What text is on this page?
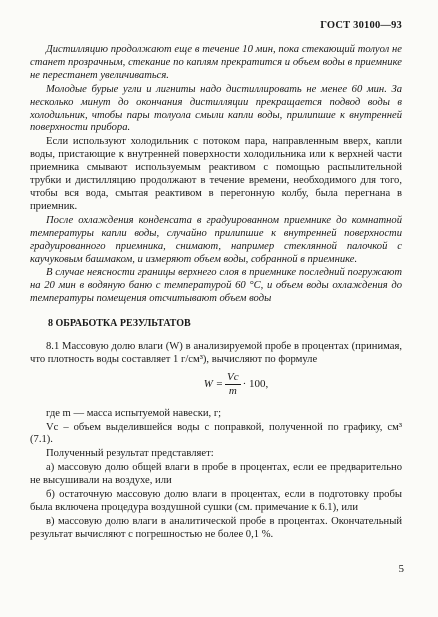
ГОСТ 30100—93

Дистилляцию продолжают еще в течение 10 мин, пока стекающий толуол не станет прозрачным, стекание по каплям прекратится и объем воды в приемнике не перестанет увеличиваться.

Молодые бурые угли и лигниты надо дистиллировать не менее 60 мин. За несколько минут до окончания дистилляции прекращается подвод воды в холодильник, чтобы пары толуола смыли капли воды, прилипшие к внутренней поверхности прибора.

Если используют холодильник с потоком пара, направленным вверх, капли воды, пристающие к внутренней поверхности холодильника или к верхней части приемника смывают используемым реактивом с помощью распылительной трубки и дистилляцию продолжают в течение времени, необходимого для того, чтобы вся вода, смытая реактивом в перегонную колбу, была перегнана в приемник.

После охлаждения конденсата в градуированном приемнике до комнатной температуры капли воды, случайно прилипшие к внутренней поверхности градуированного приемника, снимают, например стеклянной палочкой с каучуковым башмаком, и измеряют объем воды, собранной в приемнике.

В случае неясности границы верхнего слоя в приемнике последний погружают на 20 мин в водяную баню с температурой 60 °С, и объем воды охлаждения до температуры помещения отсчитывают объем воды

8 ОБРАБОТКА РЕЗУЛЬТАТОВ

8.1 Массовую долю влаги (W) в анализируемой пробе в процентах (принимая, что плотность воды составляет 1 г/см³), вычисляют по формуле

$W = \frac{Vc}{m} \cdot 100$,

где m — масса испытуемой навески, г;

Vc – объем выделившейся воды с поправкой, полученной по графику, см³ (7.1).

Полученный результат представляет:

а) массовую долю общей влаги в пробе в процентах, если ее предварительно не высушивали на воздухе, или

б) остаточную массовую долю влаги в процентах, если в подготовку пробы была включена процедура воздушной сушки (см. примечание к 6.1), или

в) массовую долю влаги в аналитической пробе в процентах. Окончательный результат вычисляют с погрешностью не более 0,1 %.

5
